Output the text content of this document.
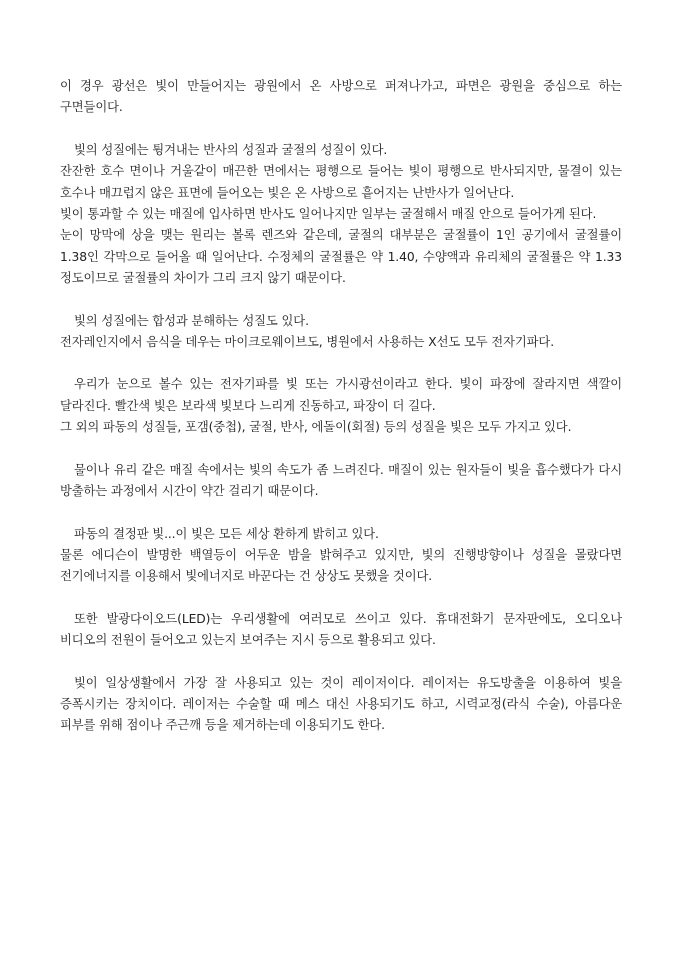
이 경우 광선은 빛이 만들어지는 광원에서 온 사방으로 퍼져나가고, 파면은 광원을 중심으로 하는 구면들이다.

빛의 성질에는 튕겨내는 반사의 성질과 굴절의 성질이 있다.

잔잔한 호수 면이나 거울같이 매끈한 면에서는 평행으로 들어는 빛이 평행으로 반사되지만, 물결이 있는 호수나 매끄럽지 않은 표면에 들어오는 빛은 온 사방으로 흩어지는 난반사가 일어난다.

빛이 통과할 수 있는 매질에 입사하면 반사도 일어나지만 일부는 굴절해서 매질 안으로 들어가게 된다.

눈이 망막에 상을 맺는 원리는 볼록 렌즈와 같은데, 굴절의 대부분은 굴절률이 1인 공기에서 굴절률이 1.38인 각막으로 들어올 때 일어난다. 수정체의 굴절률은 약 1.40, 수양액과 유리체의 굴절률은 약 1.33 정도이므로 굴절률의 차이가 그리 크지 않기 때문이다.

빛의 성질에는 합성과 분해하는 성질도 있다.

전자레인지에서 음식을 데우는 마이크로웨이브도, 병원에서 사용하는 X선도 모두 전자기파다.

우리가 눈으로 볼수 있는 전자기파를 빛 또는 가시광선이라고 한다. 빛이 파장에 잘라지면 색깔이 달라진다. 빨간색 빛은 보라색 빛보다 느리게 진동하고, 파장이 더 길다.

그 외의 파동의 성질들, 포갬(중첩), 굴절, 반사, 에돌이(회절) 등의 성질을 빛은 모두 가지고 있다.

물이나 유리 같은 매질 속에서는 빛의 속도가 좀 느려진다. 매질이 있는 원자들이 빛을 흡수했다가 다시 방출하는 과정에서 시간이 약간 걸리기 때문이다.

파동의 결정판 빛...이 빛은 모든 세상 환하게 밝히고 있다.

물론 에디슨이 발명한 백열등이 어두운 밤을 밝혀주고 있지만, 빛의 진행방향이나 성질을 몰랐다면 전기에너지를 이용해서 빛에너지로 바꾼다는 건 상상도 못했을 것이다.

또한 발광다이오드(LED)는 우리생활에 여러모로 쓰이고 있다. 휴대전화기 문자판에도, 오디오나 비디오의 전원이 들어오고 있는지 보여주는 지시 등으로 활용되고 있다.

빛이 일상생활에서 가장 잘 사용되고 있는 것이 레이저이다. 레이저는 유도방출을 이용하여 빛을 증폭시키는 장치이다. 레이저는 수술할 때 메스 대신 사용되기도 하고, 시력교정(라식 수술), 아름다운 피부를 위해 점이나 주근깨 등을 제거하는데 이용되기도 한다.
